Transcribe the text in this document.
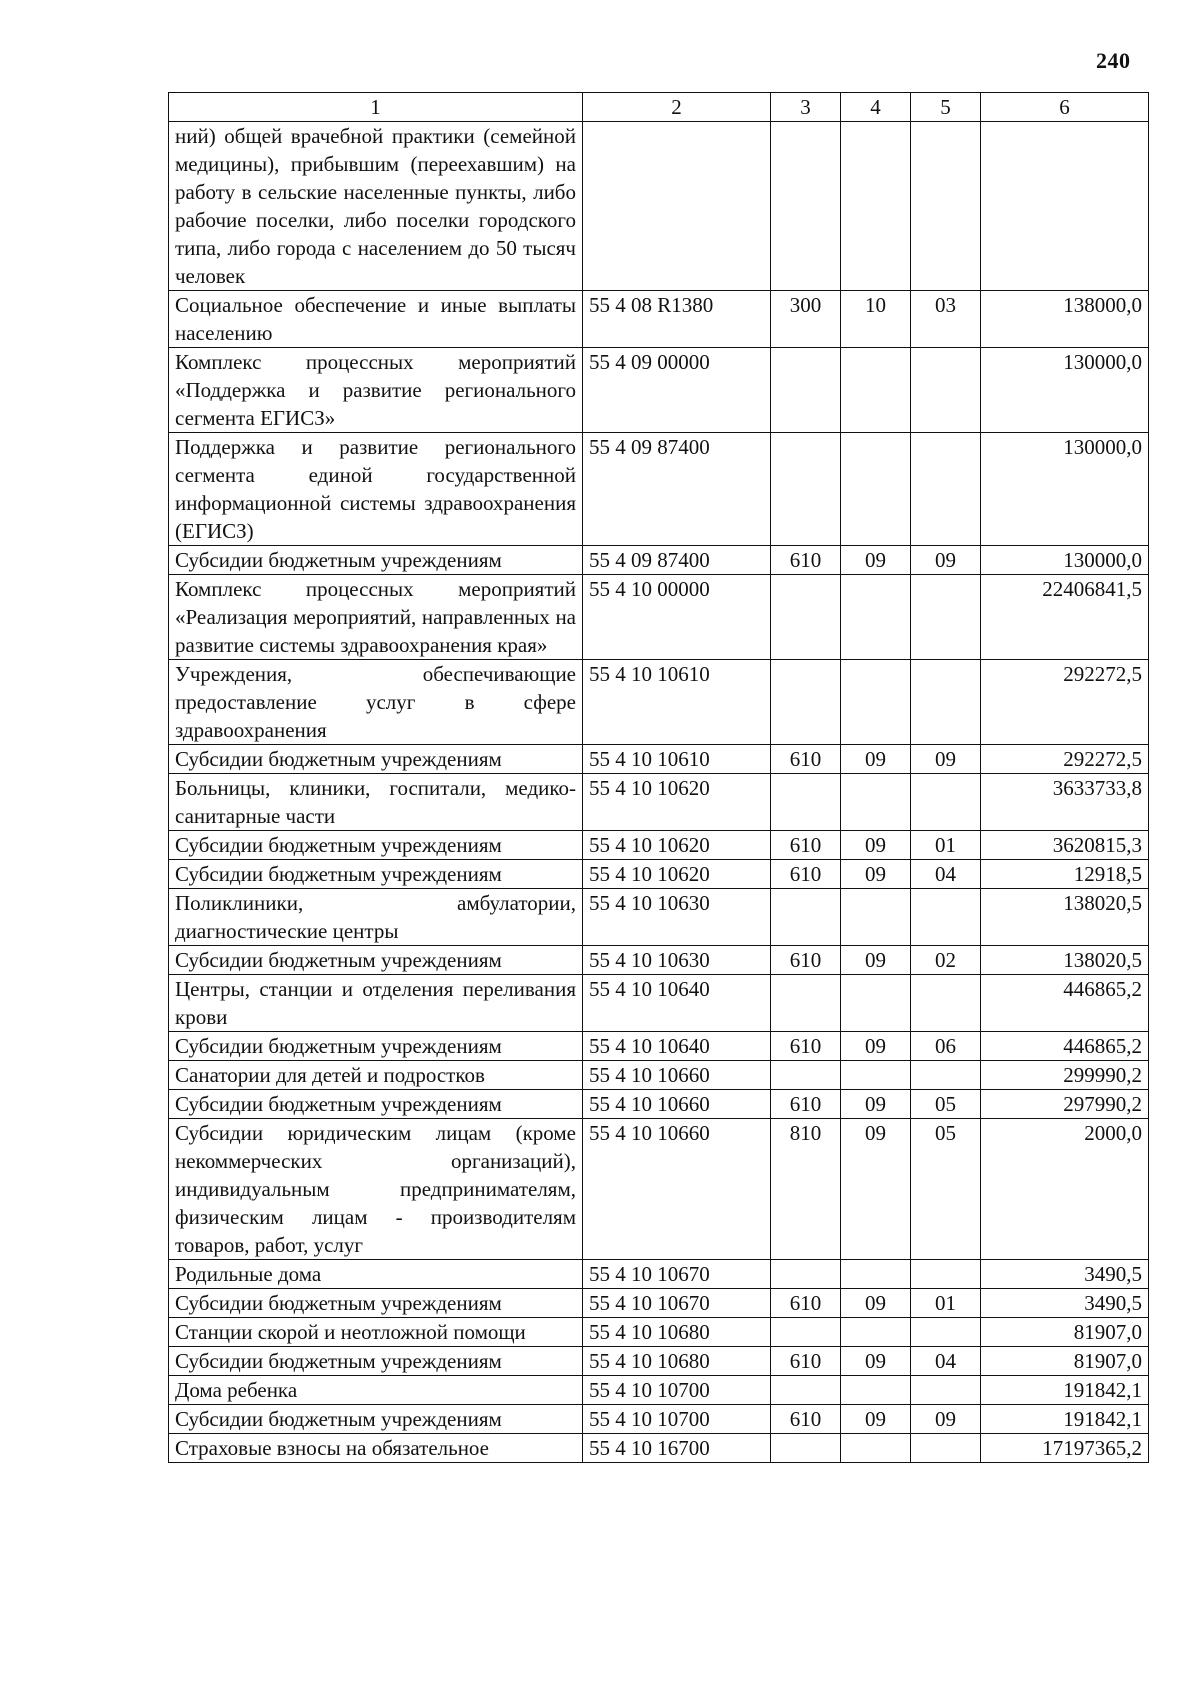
240
1	2	3	4	5	6
ний) общей врачебной практики (семейной медицины), прибывшим (переехавшим) на работу в сельские населенные пункты, либо рабочие поселки, либо поселки городского типа, либо города с населением до 50 тысяч человек					
Социальное обеспечение и иные выплаты населению	55 4 08 R1380	300	10	03	138000,0
Комплекс процессных мероприятий «Поддержка и развитие регионального сегмента ЕГИСЗ»	55 4 09 00000				130000,0
Поддержка и развитие регионального сегмента единой государственной информационной системы здравоохранения (ЕГИСЗ)	55 4 09 87400				130000,0
Субсидии бюджетным учреждениям	55 4 09 87400	610	09	09	130000,0
Комплекс процессных мероприятий «Реализация мероприятий, направленных на развитие системы здравоохранения края»	55 4 10 00000				22406841,5
Учреждения, обеспечивающие предоставление услуг в сфере здравоохранения	55 4 10 10610				292272,5
Субсидии бюджетным учреждениям	55 4 10 10610	610	09	09	292272,5
Больницы, клиники, госпитали, медико-санитарные части	55 4 10 10620				3633733,8
Субсидии бюджетным учреждениям	55 4 10 10620	610	09	01	3620815,3
Субсидии бюджетным учреждениям	55 4 10 10620	610	09	04	12918,5
Поликлиники, амбулатории, диагностические центры	55 4 10 10630				138020,5
Субсидии бюджетным учреждениям	55 4 10 10630	610	09	02	138020,5
Центры, станции и отделения переливания крови	55 4 10 10640				446865,2
Субсидии бюджетным учреждениям	55 4 10 10640	610	09	06	446865,2
Санатории для детей и подростков	55 4 10 10660				299990,2
Субсидии бюджетным учреждениям	55 4 10 10660	610	09	05	297990,2
Субсидии юридическим лицам (кроме некоммерческих организаций), индивидуальным предпринимателям, физическим лицам - производителям товаров, работ, услуг	55 4 10 10660	810	09	05	2000,0
Родильные дома	55 4 10 10670				3490,5
Субсидии бюджетным учреждениям	55 4 10 10670	610	09	01	3490,5
Станции скорой и неотложной помощи	55 4 10 10680				81907,0
Субсидии бюджетным учреждениям	55 4 10 10680	610	09	04	81907,0
Дома ребенка	55 4 10 10700				191842,1
Субсидии бюджетным учреждениям	55 4 10 10700	610	09	09	191842,1
Страховые взносы на обязательное	55 4 10 16700				17197365,2
